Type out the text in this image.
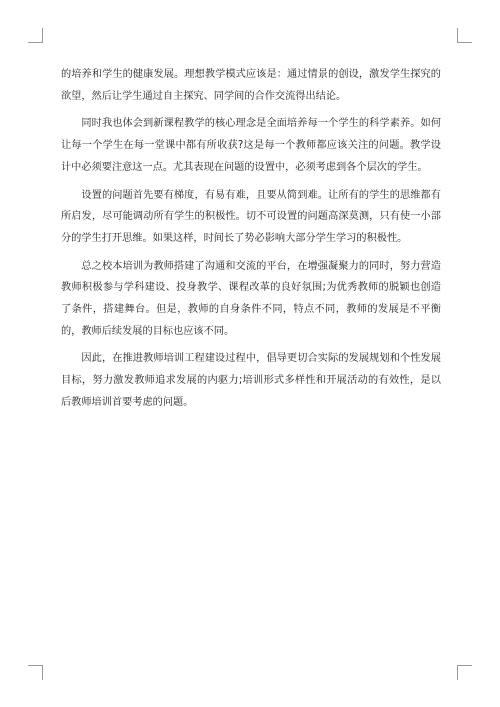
的培养和学生的健康发展。理想教学模式应该是：通过情景的创设，激发学生探究的欲望，然后让学生通过自主探究、同学间的合作交流得出结论。

同时我也体会到新课程教学的核心理念是全面培养每一个学生的科学素养。如何让每一个学生在每一堂课中都有所收获?这是每一个教师都应该关注的问题。教学设计中必须要注意这一点。尤其表现在问题的设置中，必须考虑到各个层次的学生。

设置的问题首先要有梯度，有易有难，且要从简到难。让所有的学生的思维都有所启发，尽可能调动所有学生的积极性。切不可设置的问题高深莫测，只有使一小部分的学生打开思维。如果这样，时间长了势必影响大部分学生学习的积极性。

总之校本培训为教师搭建了沟通和交流的平台，在增强凝聚力的同时，努力营造教师积极参与学科建设、投身教学、课程改革的良好氛围;为优秀教师的脱颖也创造了条件，搭建舞台。但是，教师的自身条件不同，特点不同，教师的发展是不平衡的，教师后续发展的目标也应该不同。

因此，在推进教师培训工程建设过程中，倡导更切合实际的发展规划和个性发展目标，努力激发教师追求发展的内驱力;培训形式多样性和开展活动的有效性，是以后教师培训首要考虑的问题。
